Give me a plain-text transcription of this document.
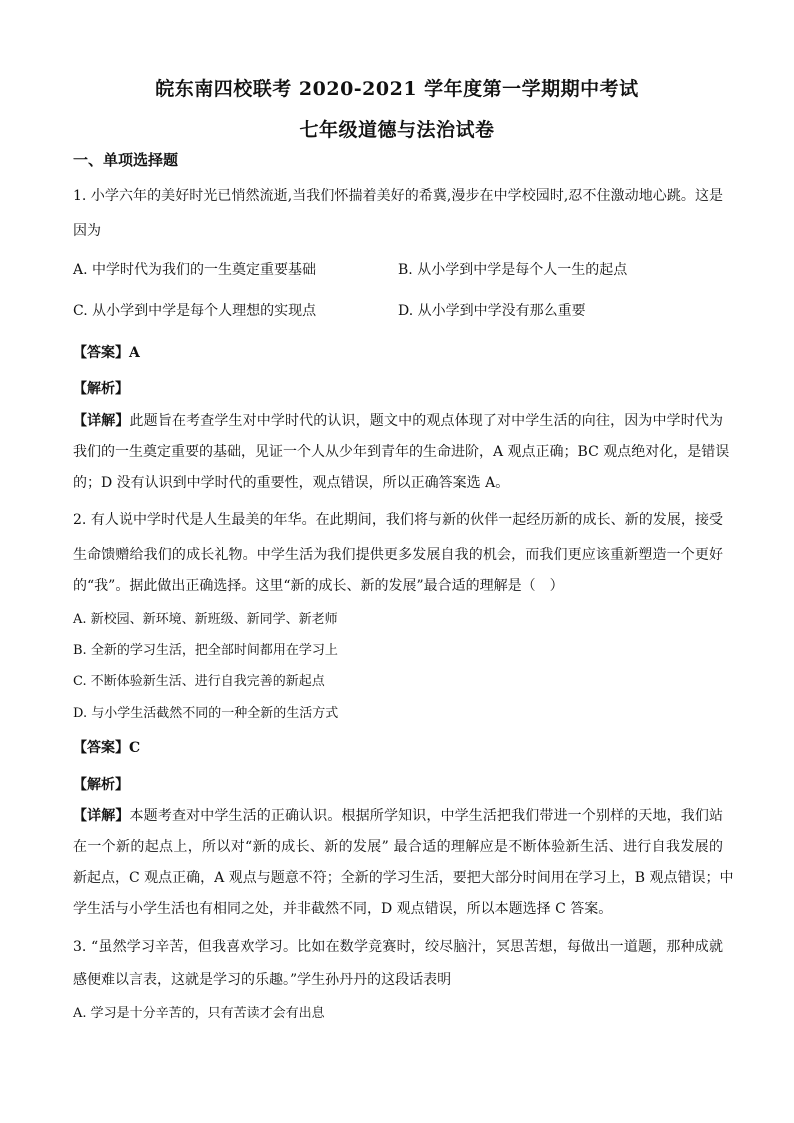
皖东南四校联考 2020-2021 学年度第一学期期中考试
七年级道德与法治试卷
一、单项选择题
1. 小学六年的美好时光已悄然流逝,当我们怀揣着美好的希冀,漫步在中学校园时,忍不住激动地心跳。这是
因为
A. 中学时代为我们的一生奠定重要基础	B. 从小学到中学是每个人一生的起点
C. 从小学到中学是每个人理想的实现点	D. 从小学到中学没有那么重要
【答案】A
【解析】
【详解】此题旨在考查学生对中学时代的认识，题文中的观点体现了对中学生活的向往，因为中学时代为
我们的一生奠定重要的基础，见证一个人从少年到青年的生命进阶，A 观点正确；BC 观点绝对化，是错误
的；D 没有认识到中学时代的重要性，观点错误，所以正确答案选 A。
2. 有人说中学时代是人生最美的年华。在此期间，我们将与新的伙伴一起经历新的成长、新的发展，接受
生命馈赠给我们的成长礼物。中学生活为我们提供更多发展自我的机会，而我们更应该重新塑造一个更好
的“我”。据此做出正确选择。这里“新的成长、新的发展”最合适的理解是（　）
A. 新校园、新环境、新班级、新同学、新老师
B. 全新的学习生活，把全部时间都用在学习上
C. 不断体验新生活、进行自我完善的新起点
D. 与小学生活截然不同的一种全新的生活方式
【答案】C
【解析】
【详解】本题考查对中学生活的正确认识。根据所学知识，中学生活把我们带进一个别样的天地，我们站
在一个新的起点上，所以对“新的成长、新的发展” 最合适的理解应是不断体验新生活、进行自我发展的
新起点，C 观点正确，A 观点与题意不符；全新的学习生活，要把大部分时间用在学习上，B 观点错误；中
学生活与小学生活也有相同之处，并非截然不同，D 观点错误，所以本题选择 C 答案。
3. “虽然学习辛苦，但我喜欢学习。比如在数学竞赛时，绞尽脑汁，冥思苦想，每做出一道题，那种成就
感便难以言表，这就是学习的乐趣。”学生孙丹丹的这段话表明
A. 学习是十分辛苦的，只有苦读才会有出息
